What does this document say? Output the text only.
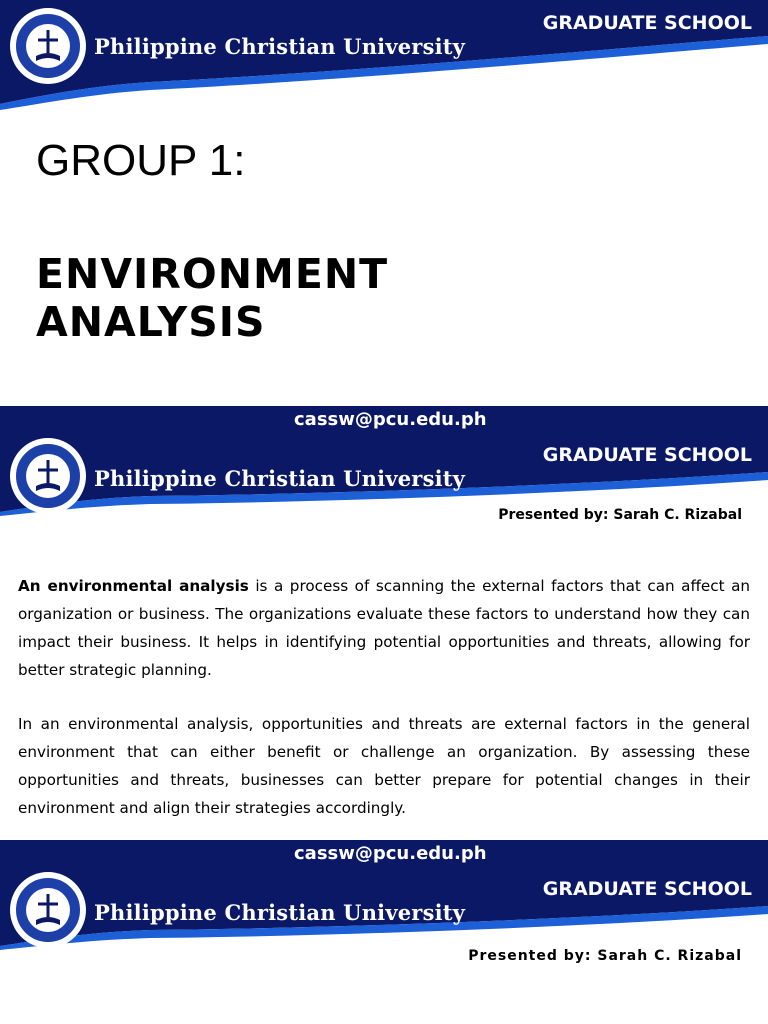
Philippine Christian University
GRADUATE SCHOOL
GROUP 1:
ENVIRONMENT ANALYSIS
cassw@pcu.edu.ph
Philippine Christian University
GRADUATE SCHOOL
Presented by: Sarah C. Rizabal

An environmental analysis is a process of scanning the external factors that can affect an organization or business. The organizations evaluate these factors to understand how they can impact their business. It helps in identifying potential opportunities and threats, allowing for better strategic planning.

In an environmental analysis, opportunities and threats are external factors in the general environment that can either benefit or challenge an organization. By assessing these opportunities and threats, businesses can better prepare for potential changes in their environment and align their strategies accordingly.

cassw@pcu.edu.ph
Philippine Christian University
GRADUATE SCHOOL
Presented by: Sarah C. Rizabal
